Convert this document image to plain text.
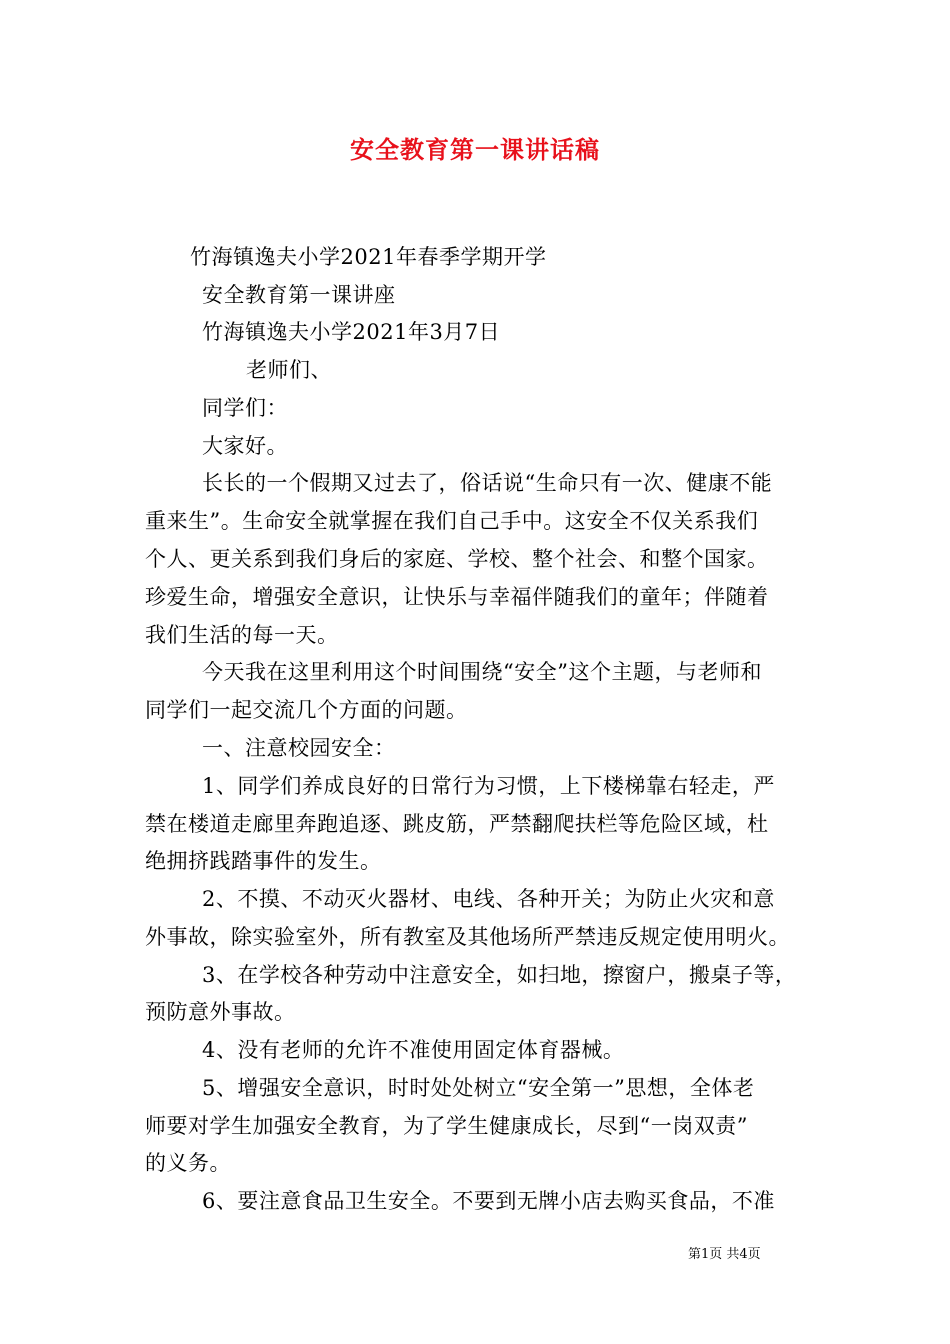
安全教育第一课讲话稿
竹海镇逸夫小学2021年春季学期开学
安全教育第一课讲座
竹海镇逸夫小学2021年3月7日
老师们、
同学们：
大家好。
长长的一个假期又过去了，俗话说“生命只有一次、健康不能
重来生”。生命安全就掌握在我们自己手中。这安全不仅关系我们
个人、更关系到我们身后的家庭、学校、整个社会、和整个国家。
珍爱生命，增强安全意识，让快乐与幸福伴随我们的童年；伴随着
我们生活的每一天。
今天我在这里利用这个时间围绕“安全”这个主题，与老师和
同学们一起交流几个方面的问题。
一、注意校园安全：
1、同学们养成良好的日常行为习惯，上下楼梯靠右轻走，严
禁在楼道走廊里奔跑追逐、跳皮筋，严禁翻爬扶栏等危险区域，杜
绝拥挤践踏事件的发生。
2、不摸、不动灭火器材、电线、各种开关；为防止火灾和意
外事故，除实验室外，所有教室及其他场所严禁违反规定使用明火。
3、在学校各种劳动中注意安全，如扫地，擦窗户，搬桌子等，
预防意外事故。
4、没有老师的允许不准使用固定体育器械。
5、增强安全意识，时时处处树立“安全第一”思想，全体老
师要对学生加强安全教育，为了学生健康成长，尽到“一岗双责”
的义务。
6、要注意食品卫生安全。不要到无牌小店去购买食品，不准
第1页 共4页
